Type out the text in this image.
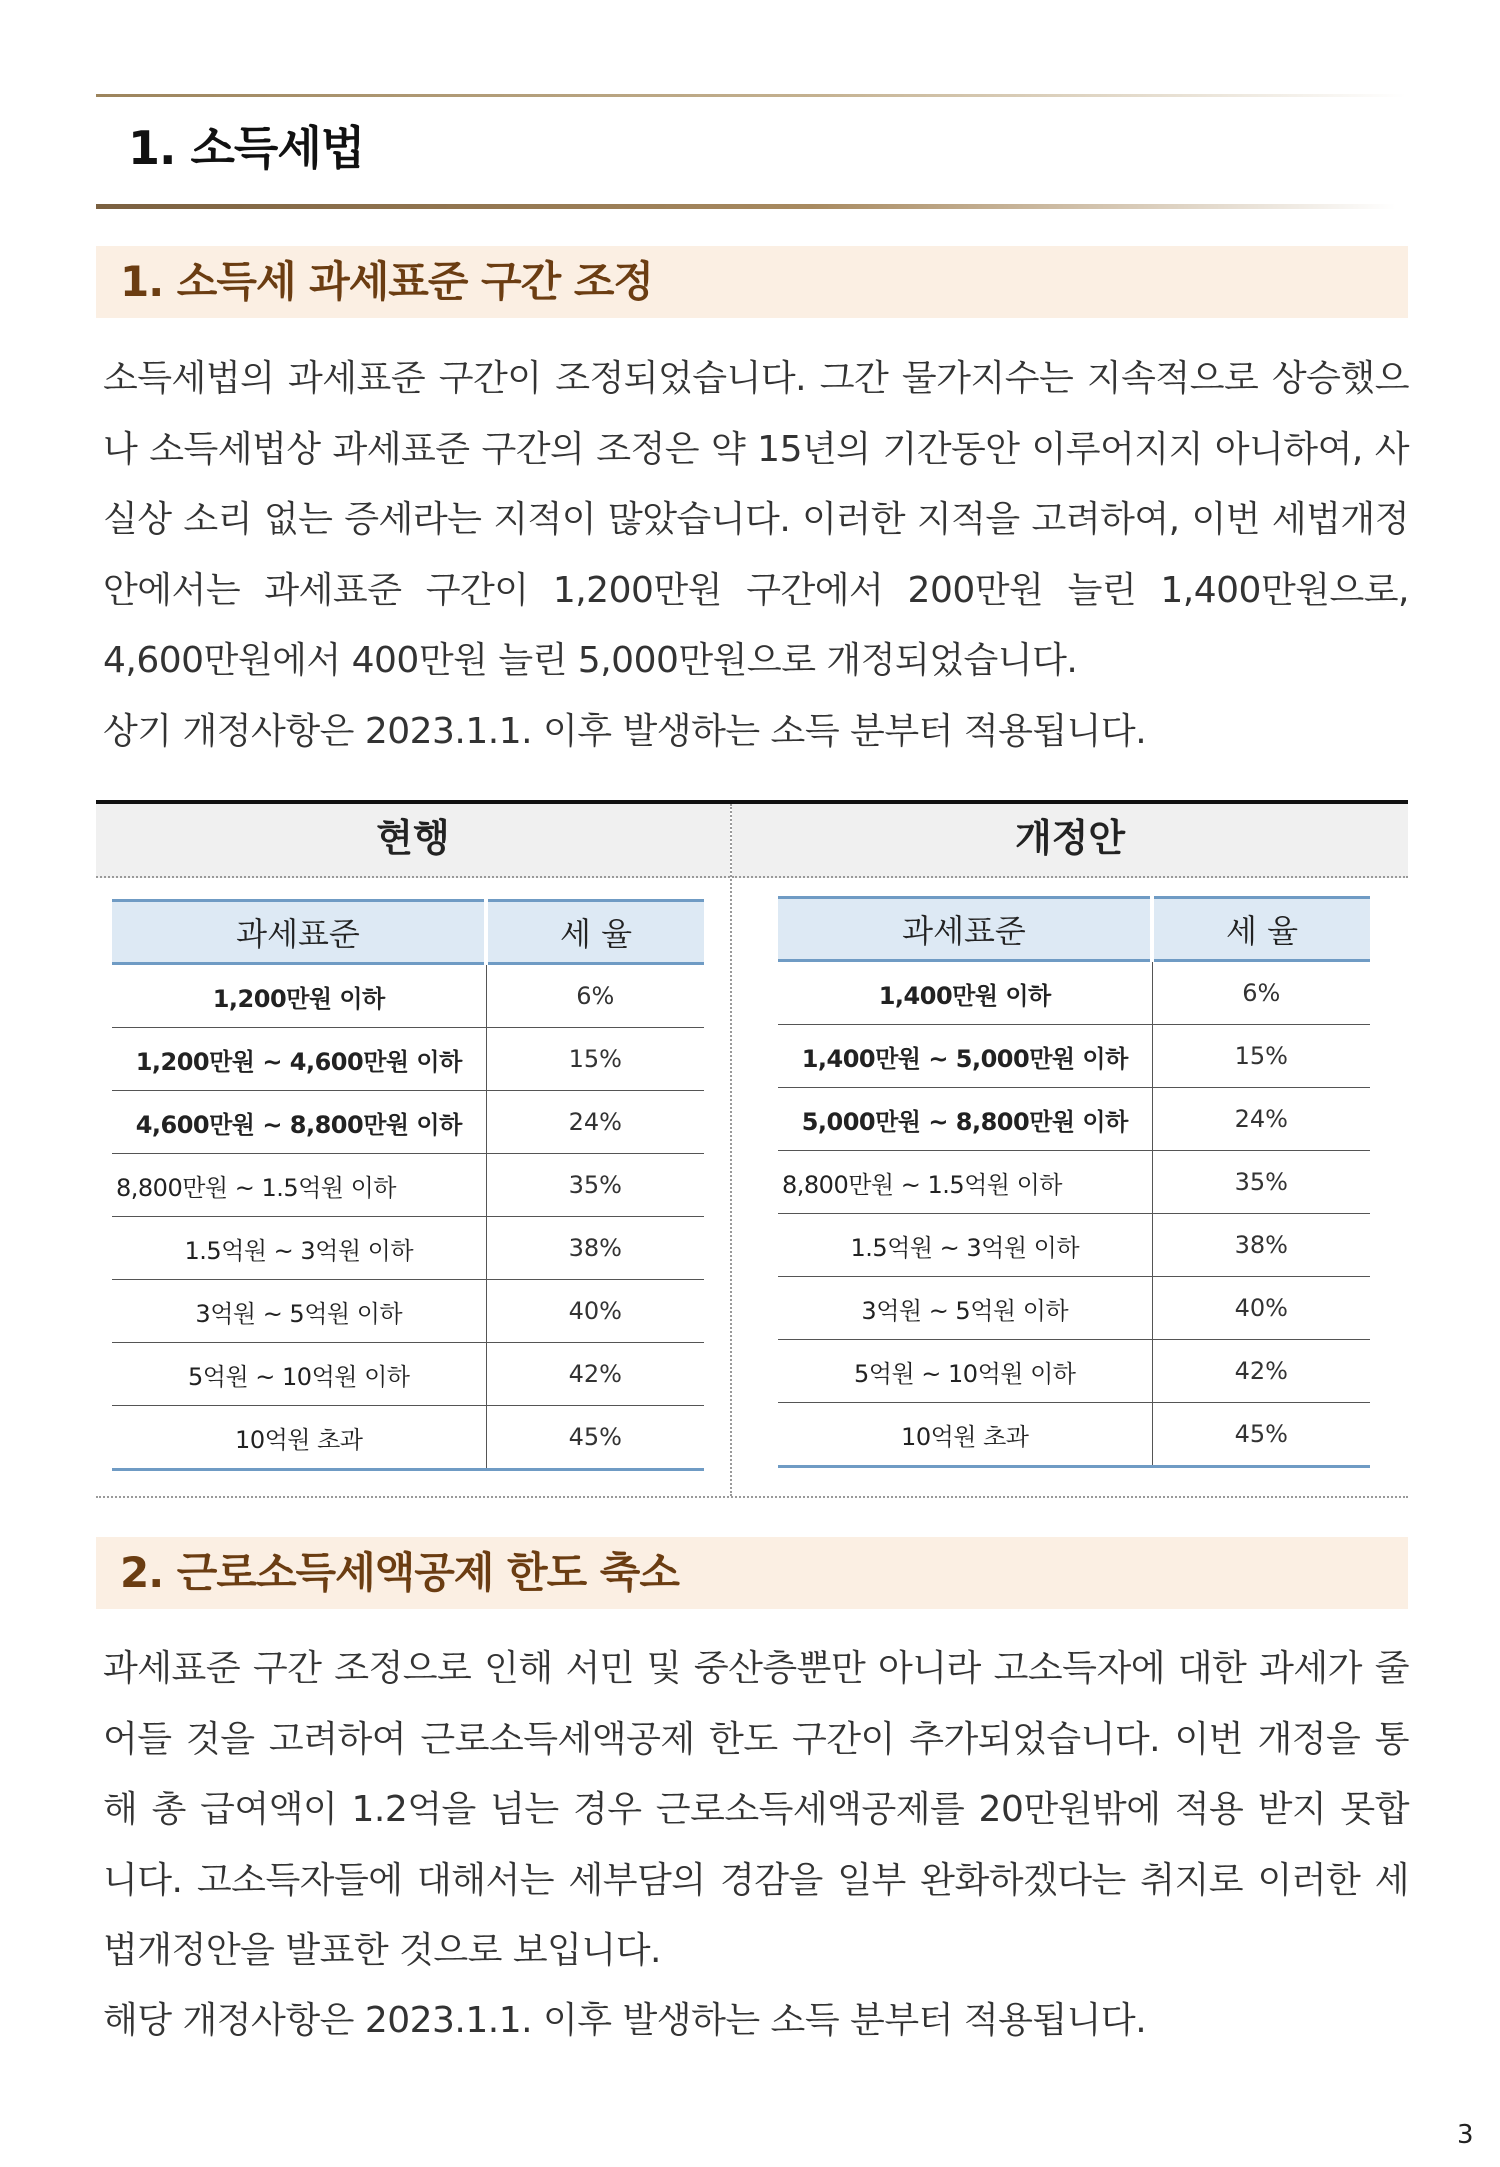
1. 소득세법
1. 소득세 과세표준 구간 조정

소득세법의 과세표준 구간이 조정되었습니다. 그간 물가지수는 지속적으로 상승했으나 소득세법상 과세표준 구간의 조정은 약 15년의 기간동안 이루어지지 아니하여, 사실상 소리 없는 증세라는 지적이 많았습니다. 이러한 지적을 고려하여, 이번 세법개정안에서는 과세표준 구간이 1,200만원 구간에서 200만원 늘린 1,400만원으로, 4,600만원에서 400만원 늘린 5,000만원으로 개정되었습니다.

상기 개정사항은 2023.1.1. 이후 발생하는 소득 분부터 적용됩니다.

현행	개정안
과세표준	세 율
1,200만원 이하	6%
1,200만원 ~ 4,600만원 이하	15%
4,600만원 ~ 8,800만원 이하	24%
8,800만원 ~ 1.5억원 이하	35%
1.5억원 ~ 3억원 이하	38%
3억원 ~ 5억원 이하	40%
5억원 ~ 10억원 이하	42%
10억원 초과	45%
과세표준	세 율
1,400만원 이하	6%
1,400만원 ~ 5,000만원 이하	15%
5,000만원 ~ 8,800만원 이하	24%
8,800만원 ~ 1.5억원 이하	35%
1.5억원 ~ 3억원 이하	38%
3억원 ~ 5억원 이하	40%
5억원 ~ 10억원 이하	42%
10억원 초과	45%
2. 근로소득세액공제 한도 축소

과세표준 구간 조정으로 인해 서민 및 중산층뿐만 아니라 고소득자에 대한 과세가 줄어들 것을 고려하여 근로소득세액공제 한도 구간이 추가되었습니다. 이번 개정을 통해 총 급여액이 1.2억을 넘는 경우 근로소득세액공제를 20만원밖에 적용 받지 못합니다. 고소득자들에 대해서는 세부담의 경감을 일부 완화하겠다는 취지로 이러한 세법개정안을 발표한 것으로 보입니다.

해당 개정사항은 2023.1.1. 이후 발생하는 소득 분부터 적용됩니다.

3
